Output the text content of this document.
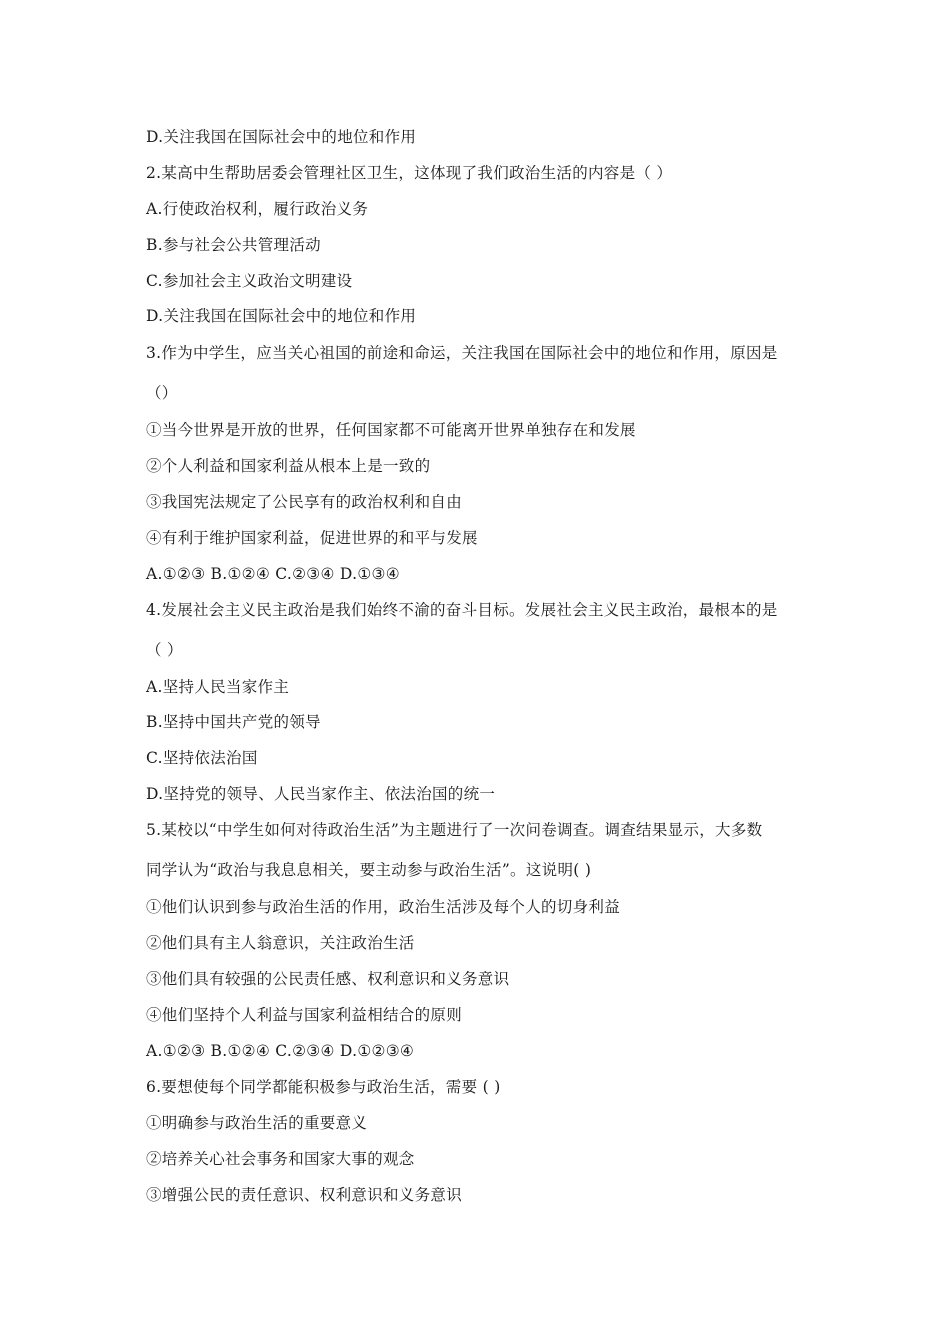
D.关注我国在国际社会中的地位和作用
2.某高中生帮助居委会管理社区卫生，这体现了我们政治生活的内容是（ ）
A.行使政治权利，履行政治义务
B.参与社会公共管理活动
C.参加社会主义政治文明建设
D.关注我国在国际社会中的地位和作用
3.作为中学生，应当关心祖国的前途和命运，关注我国在国际社会中的地位和作用，原因是
（）
①当今世界是开放的世界，任何国家都不可能离开世界单独存在和发展
②个人利益和国家利益从根本上是一致的
③我国宪法规定了公民享有的政治权利和自由
④有利于维护国家利益，促进世界的和平与发展
A.①②③ B.①②④ C.②③④ D.①③④
4.发展社会主义民主政治是我们始终不渝的奋斗目标。发展社会主义民主政治，最根本的是
（ ）
A.坚持人民当家作主
B.坚持中国共产党的领导
C.坚持依法治国
D.坚持党的领导、人民当家作主、依法治国的统一
5.某校以“中学生如何对待政治生活”为主题进行了一次问卷调查。调查结果显示，大多数
同学认为“政治与我息息相关，要主动参与政治生活”。这说明( )
①他们认识到参与政治生活的作用，政治生活涉及每个人的切身利益
②他们具有主人翁意识，关注政治生活
③他们具有较强的公民责任感、权利意识和义务意识
④他们坚持个人利益与国家利益相结合的原则
A.①②③ B.①②④ C.②③④ D.①②③④
6.要想使每个同学都能积极参与政治生活，需要 ( )
①明确参与政治生活的重要意义
②培养关心社会事务和国家大事的观念
③增强公民的责任意识、权利意识和义务意识
